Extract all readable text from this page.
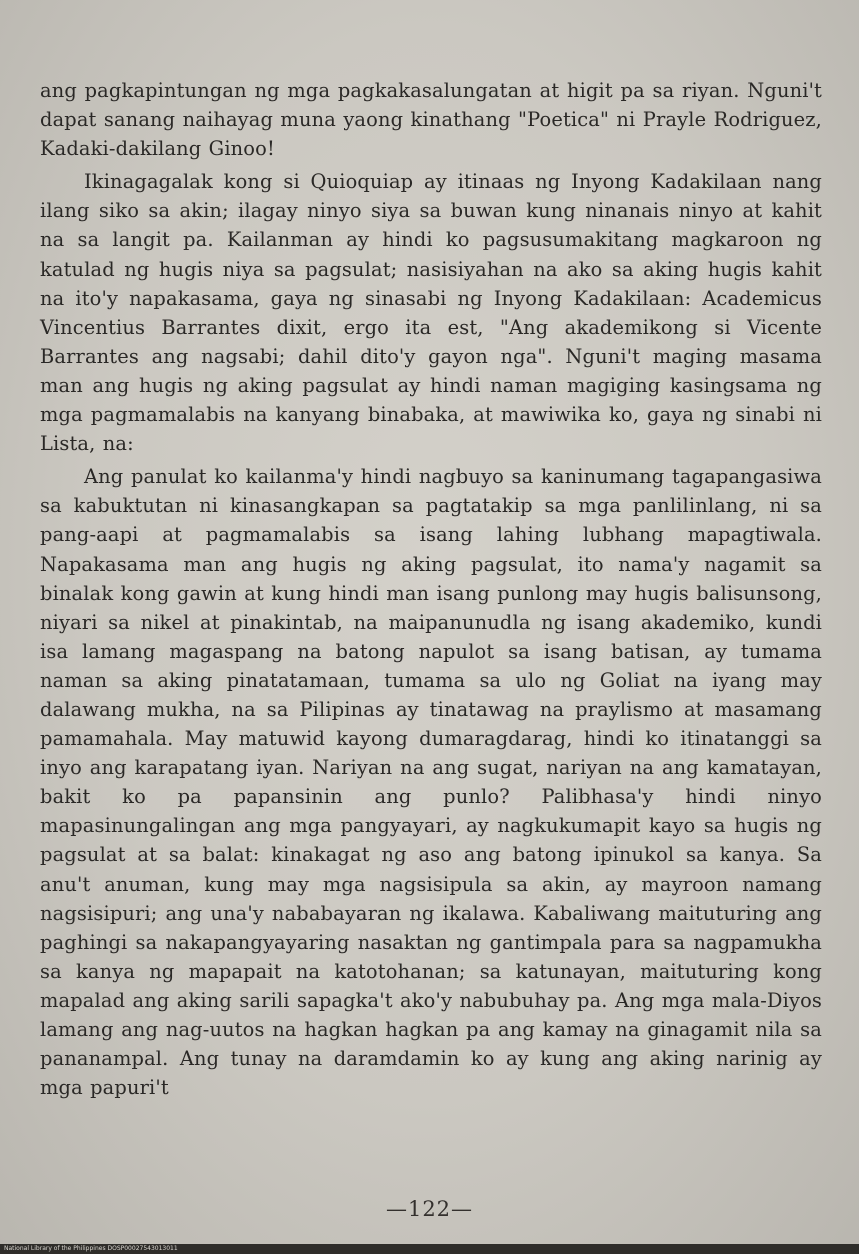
ang pagkapintungan ng mga pagkakasalungatan at higit pa sa riyan. Nguni't dapat sanang naihayag muna yaong kinathang "Poetica" ni Prayle Rodriguez, Kadaki-dakilang Ginoo!

Ikinagagalak kong si Quioquiap ay itinaas ng Inyong Kadakilaan nang ilang siko sa akin; ilagay ninyo siya sa buwan kung ninanais ninyo at kahit na sa langit pa. Kailanman ay hindi ko pagsusumakitang magkaroon ng katulad ng hugis niya sa pagsulat; nasisiyahan na ako sa aking hugis kahit na ito'y napakasama, gaya ng sinasabi ng Inyong Kadakilaan: Academicus Vincentius Barrantes dixit, ergo ita est, "Ang akademikong si Vicente Barrantes ang nagsabi; dahil dito'y gayon nga". Nguni't maging masama man ang hugis ng aking pagsulat ay hindi naman magiging kasingsama ng mga pagmamalabis na kanyang binabaka, at mawiwika ko, gaya ng sinabi ni Lista, na:

Ang panulat ko kailanma'y hindi nagbuyo sa kaninumang tagapangasiwa sa kabuktutan ni kinasangkapan sa pagtatakip sa mga panlilinlang, ni sa pang-aapi at pagmamalabis sa isang lahing lubhang mapagtiwala. Napakasama man ang hugis ng aking pagsulat, ito nama'y nagamit sa binalak kong gawin at kung hindi man isang punlong may hugis balisunsong, niyari sa nikel at pinakintab, na maipanunudla ng isang akademiko, kundi isa lamang magaspang na batong napulot sa isang batisan, ay tumama naman sa aking pinatatamaan, tumama sa ulo ng Goliat na iyang may dalawang mukha, na sa Pilipinas ay tinatawag na praylismo at masamang pamamahala. May matuwid kayong dumaragdarag, hindi ko itinatanggi sa inyo ang karapatang iyan. Nariyan na ang sugat, nariyan na ang kamatayan, bakit ko pa papansinin ang punlo? Palibhasa'y hindi ninyo mapasinungalingan ang mga pangyayari, ay nagkukumapit kayo sa hugis ng pagsulat at sa balat: kinakagat ng aso ang batong ipinukol sa kanya. Sa anu't anuman, kung may mga nagsisipula sa akin, ay mayroon namang nagsisipuri; ang una'y nababayaran ng ikalawa. Kabaliwang maituturing ang paghingi sa nakapangyayaring nasaktan ng gantimpala para sa nagpamukha sa kanya ng mapapait na katotohanan; sa katunayan, maituturing kong mapalad ang aking sarili sapagka't ako'y nabubuhay pa. Ang mga mala-Diyos lamang ang nag-uutos na hagkan hagkan pa ang kamay na ginagamit nila sa pananampal. Ang tunay na daramdamin ko ay kung ang aking narinig ay mga papuri't

—122—
National Library of the Philippines DOSP00027543013011
